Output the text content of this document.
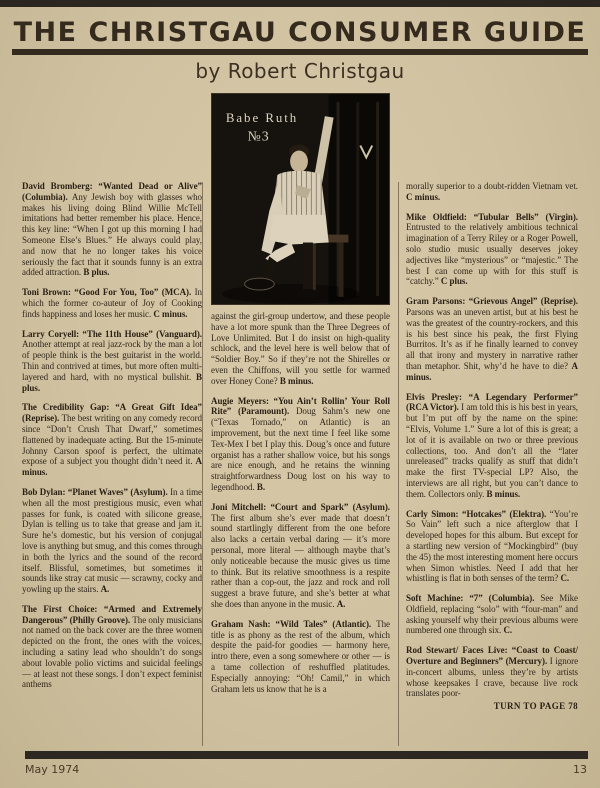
THE CHRISTGAU CONSUMER GUIDE
by Robert Christgau

David Bromberg: “Wanted Dead or Alive” (Columbia). Any Jewish boy with glasses who makes his living doing Blind Willie McTell imitations had better remember his place. Hence, this key line: “When I got up this morning I had Someone Else’s Blues.” He always could play, and now that he no longer takes his voice seriously the fact that it sounds funny is an extra added attraction. B plus.

Toni Brown: “Good For You, Too” (MCA). In which the former co-auteur of Joy of Cooking finds happiness and loses her music. C minus.

Larry Coryell: “The 11th House” (Vanguard). Another attempt at real jazz-rock by the man a lot of people think is the best guitarist in the world. Thin and contrived at times, but more often multi-layered and hard, with no mystical bullshit. B plus.

The Credibility Gap: “A Great Gift Idea” (Reprise). The best writing on any comedy record since “Don’t Crush That Dwarf,” sometimes flattened by inadequate acting. But the 15-minute Johnny Carson spoof is perfect, the ultimate expose of a subject you thought didn’t need it. A minus.

Bob Dylan: “Planet Waves” (Asylum). In a time when all the most prestigious music, even what passes for funk, is coated with silicone grease, Dylan is telling us to take that grease and jam it. Sure he’s domestic, but his version of conjugal love is anything but smug, and this comes through in both the lyrics and the sound of the record itself. Blissful, sometimes, but sometimes it sounds like stray cat music — scrawny, cocky and yowling up the stairs. A.

The First Choice: “Armed and Extremely Dangerous” (Philly Groove). The only musicians not named on the back cover are the three women depicted on the front, the ones with the voices, including a satiny lead who shouldn’t do songs about lovable polio victims and suicidal feelings — at least not these songs. I don’t expect feminist anthems

Babe Ruth
№3

against the girl-group undertow, and these people have a lot more spunk than the Three Degrees of Love Unlimited. But I do insist on high-quality schlock, and the level here is well below that of “Soldier Boy.” So if they’re not the Shirelles or even the Chiffons, will you settle for warmed over Honey Cone? B minus.

Augie Meyers: “You Ain’t Rollin’ Your Roll Rite” (Paramount). Doug Sahm’s new one (“Texas Tornado,” on Atlantic) is an improvement, but the next time I feel like some Tex-Mex I bet I play this. Doug’s once and future organist has a rather shallow voice, but his songs are nice enough, and he retains the winning straightforwardness Doug lost on his way to legendhood. B.

Joni Mitchell: “Court and Spark” (Asylum). The first album she’s ever made that doesn’t sound startlingly different from the one before also lacks a certain verbal daring — it’s more personal, more literal — although maybe that’s only noticeable because the music gives us time to think. But its relative smoothness is a respite rather than a cop-out, the jazz and rock and roll suggest a brave future, and she’s better at what she does than anyone in the music. A.

Graham Nash: “Wild Tales” (Atlantic). The title is as phony as the rest of the album, which despite the paid-for goodies — harmony here, intro there, even a song somewhere or other — is a tame collection of reshuffled platitudes. Especially annoying: “Oh! Camil,” in which Graham lets us know that he is a

morally superior to a doubt-ridden Vietnam vet. C minus.

Mike Oldfield: “Tubular Bells” (Virgin). Entrusted to the relatively ambitious technical imagination of a Terry Riley or a Roger Powell, solo studio music usually deserves jokey adjectives like “mysterious” or “majestic.” The best I can come up with for this stuff is “catchy.” C plus.

Gram Parsons: “Grievous Angel” (Reprise). Parsons was an uneven artist, but at his best he was the greatest of the country-rockers, and this is his best since his peak, the first Flying Burritos. It’s as if he finally learned to convey all that irony and mystery in narrative rather than metaphor. Shit, why’d he have to die? A minus.

Elvis Presley: “A Legendary Performer” (RCA Victor). I am told this is his best in years, but I’m put off by the name on the spine: “Elvis, Volume 1.” Sure a lot of this is great; a lot of it is available on two or three previous collections, too. And don’t all the “later unreleased” tracks qualify as stuff that didn’t make the first TV-special LP? Also, the interviews are all right, but you can’t dance to them. Collectors only. B minus.

Carly Simon: “Hotcakes” (Elektra). “You’re So Vain” left such a nice afterglow that I developed hopes for this album. But except for a startling new version of “Mockingbird” (buy the 45) the most interesting moment here occurs when Simon whistles. Need I add that her whistling is flat in both senses of the term? C.

Soft Machine: “7” (Columbia). See Mike Oldfield, replacing “solo” with “four-man” and asking yourself why their previous albums were numbered one through six. C.

Rod Stewart/ Faces Live: “Coast to Coast/ Overture and Beginners” (Mercury). I ignore in-concert albums, unless they’re by artists whose keepsakes I crave, because live rock translates poor-

TURN TO PAGE 78
May 1974	13
